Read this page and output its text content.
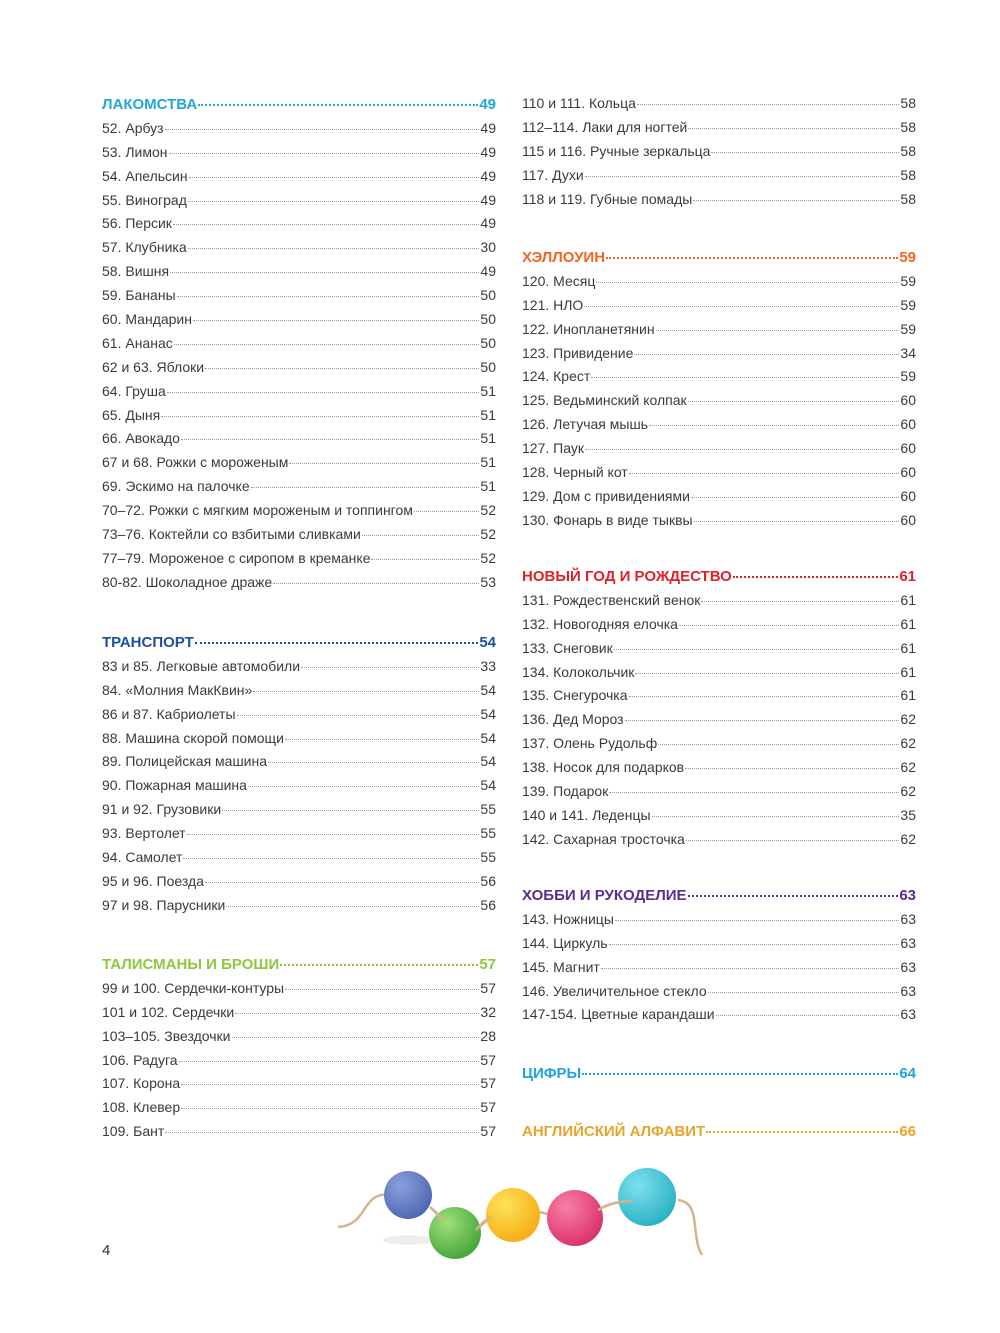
4
ЛАКОМСТВА	49
52. Арбуз	49
53. Лимон	49
54. Апельсин	49
55. Виноград	49
56. Персик	49
57. Клубника	30
58. Вишня	49
59. Бананы	50
60. Мандарин	50
61. Ананас	50
62 и 63. Яблоки	50
64. Груша	51
65. Дыня	51
66. Авокадо	51
67 и 68. Рожки с мороженым	51
69. Эскимо на палочке	51
70–72. Рожки с мягким мороженым и топпингом	52
73–76. Коктейли со взбитыми сливками	52
77–79. Мороженое с сиропом в креманке	52
80-82. Шоколадное драже	53
ТРАНСПОРТ	54
83 и 85. Легковые автомобили	33
84. «Молния МакКвин»	54
86 и 87. Кабриолеты	54
88. Машина скорой помощи	54
89. Полицейская машина	54
90. Пожарная машина	54
91 и 92. Грузовики	55
93. Вертолет	55
94. Самолет	55
95 и 96. Поезда	56
97 и 98. Парусники	56
ТАЛИСМАНЫ И БРОШИ	57
99 и 100. Сердечки-контуры	57
101 и 102. Сердечки	32
103–105. Звездочки	28
106. Радуга	57
107. Корона	57
108. Клевер	57
109. Бант	57
110 и 111. Кольца	58
112–114. Лаки для ногтей	58
115 и 116. Ручные зеркальца	58
117. Духи	58
118 и 119. Губные помады	58
ХЭЛЛОУИН	59
120. Месяц	59
121. НЛО	59
122. Инопланетянин	59
123. Привидение	34
124. Крест	59
125. Ведьминский колпак	60
126. Летучая мышь	60
127. Паук	60
128. Черный кот	60
129. Дом с привидениями	60
130. Фонарь в виде тыквы	60
НОВЫЙ ГОД И РОЖДЕСТВО	61
131. Рождественский венок	61
132. Новогодняя елочка	61
133. Снеговик	61
134. Колокольчик	61
135. Снегурочка	61
136. Дед Мороз	62
137. Олень Рудольф	62
138. Носок для подарков	62
139. Подарок	62
140 и 141. Леденцы	35
142. Сахарная тросточка	62
ХОББИ И РУКОДЕЛИЕ	63
143. Ножницы	63
144. Циркуль	63
145. Магнит	63
146. Увеличительное стекло	63
147-154. Цветные карандаши	63
ЦИФРЫ	64
АНГЛИЙСКИЙ АЛФАВИТ	66
